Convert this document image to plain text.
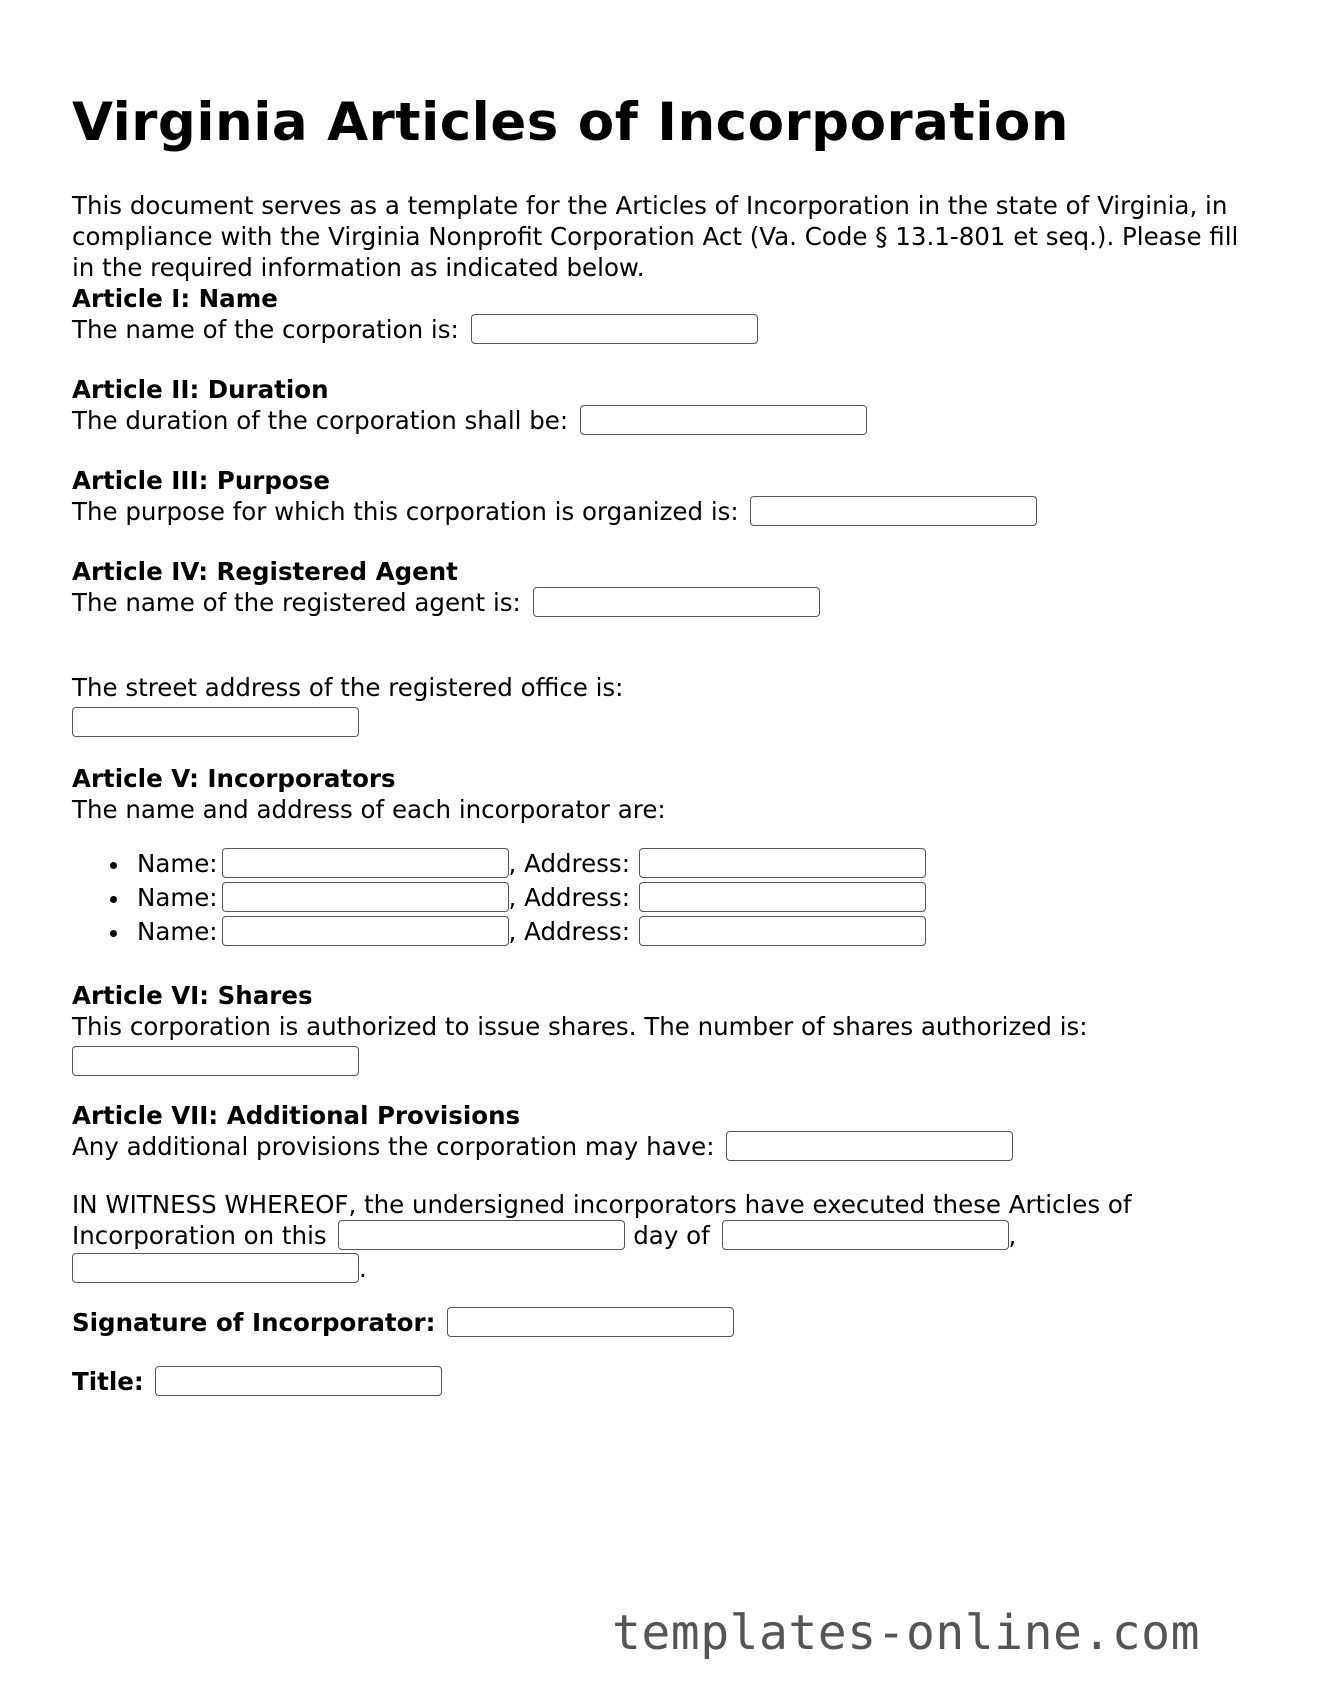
Virginia Articles of Incorporation

This document serves as a template for the Articles of Incorporation in the state of Virginia, in compliance with the Virginia Nonprofit Corporation Act (Va. Code § 13.1-801 et seq.). Please fill in the required information as indicated below.

Article I: Name
The name of the corporation is:
Article II: Duration
The duration of the corporation shall be:
Article III: Purpose
The purpose for which this corporation is organized is:
Article IV: Registered Agent
The name of the registered agent is:
The street address of the registered office is:
Article V: Incorporators
The name and address of each incorporator are:
Name:	, Address:
Name:	, Address:
Name:	, Address:
Article VI: Shares
This corporation is authorized to issue shares. The number of shares authorized is:
Article VII: Additional Provisions
Any additional provisions the corporation may have:
IN WITNESS WHEREOF, the undersigned incorporators have executed these Articles of
Incorporation on this	day of	,
.
Signature of Incorporator:
Title:
templates-online.com
